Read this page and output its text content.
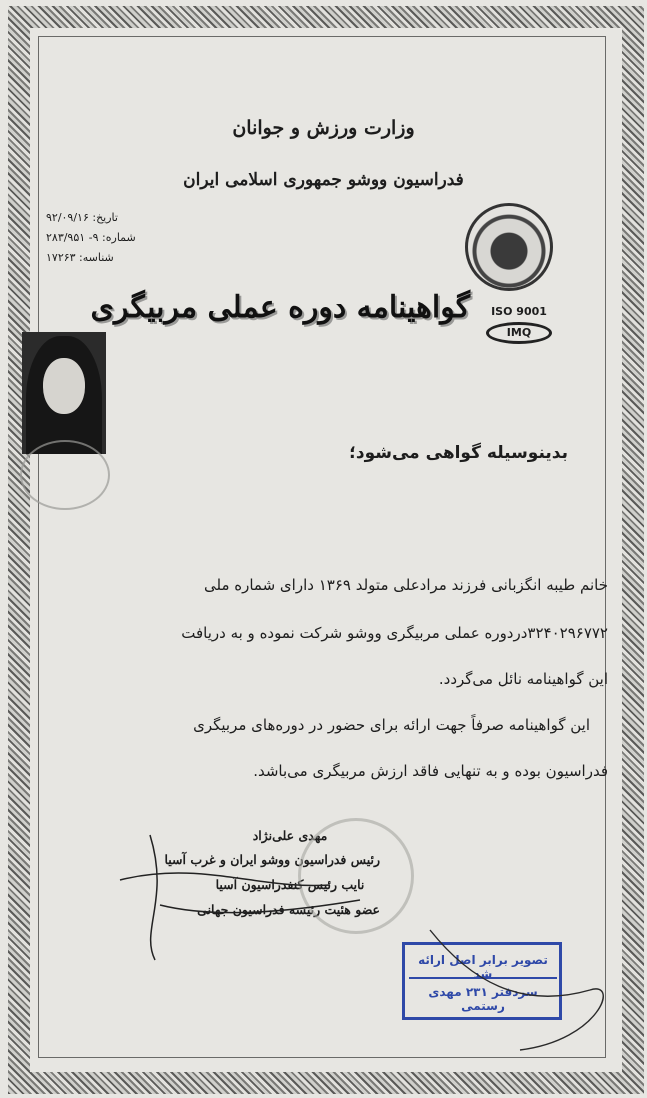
وزارت ورزش و جوانان
فدراسیون ووشو جمهوری اسلامی ایران
تاریخ: ۹۲/۰۹/۱۶
شماره: ۹- ۲۸۳/۹۵۱
شناسه: ۱۷۲۶۳
ISO 9001
IMQ
گواهینامه دوره عملی مربیگری
بدینوسیله گواهی می‌شود؛
خانم طیبه انگزبانی فرزند مرادعلی متولد ۱۳۶۹ دارای شماره ملی
۳۲۴۰۲۹۶۷۷۲دردوره عملی مربیگری ووشو شرکت نموده و به دریافت
این گواهینامه نائل می‌گردد.
این گواهینامه صرفاً جهت ارائه برای حضور در دوره‌های مربیگری
فدراسیون بوده و به تنهایی فاقد ارزش مربیگری می‌باشد.
مهدی علی‌نژاد
رئیس فدراسیون ووشو ایران و غرب آسیا
نایب رئیس کنفدراسیون آسیا
عضو هئیت رئیسه فدراسیون جهانی
تصویر برابر اصل ارائه شد
سردفتر ۲۳۱ مهدی رستمی
